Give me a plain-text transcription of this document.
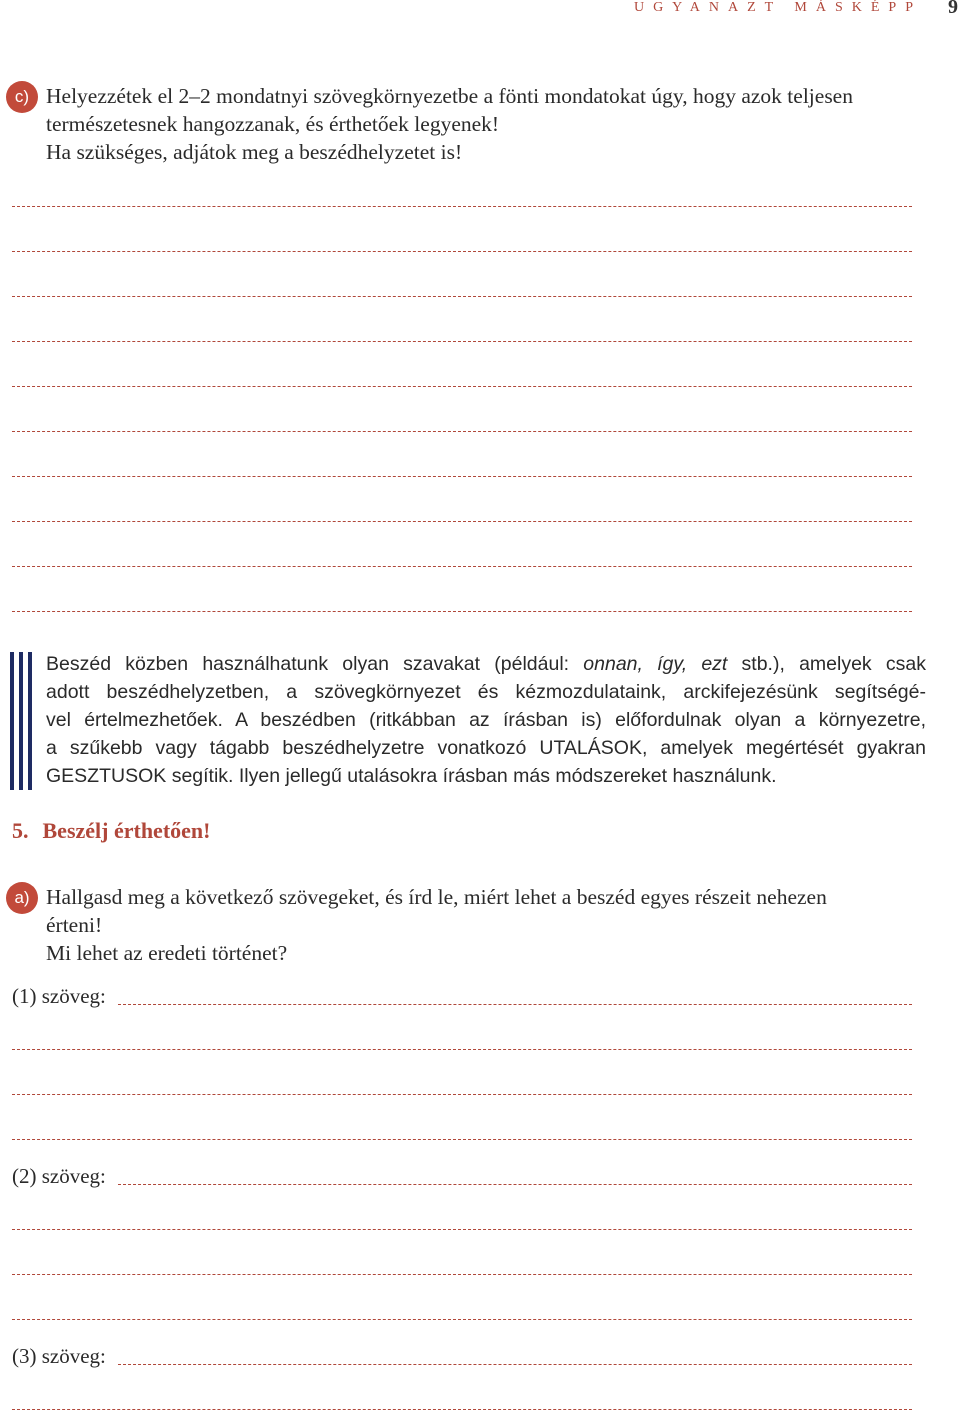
UGYANAZT MÁSKÉPP 9
c) Helyezzétek el 2–2 mondatnyi szövegkörnyezetbe a fönti mondatokat úgy, hogy azok teljesen
természetesnek hangozzanak, és érthetőek legyenek!
Ha szükséges, adjátok meg a beszédhelyzetet is!
Beszéd közben használhatunk olyan szavakat (például: onnan, így, ezt stb.), amelyek csak
adott beszédhelyzetben, a szövegkörnyezet és kézmozdulataink, arckifejezésünk segítségé-
vel értelmezhetőek. A beszédben (ritkábban az írásban is) előfordulnak olyan a környezetre,
a szűkebb vagy tágabb beszédhelyzetre vonatkozó UTALÁSOK, amelyek megértését gyakran
GESZTUSOK segítik. Ilyen jellegű utalásokra írásban más módszereket használunk.
5. Beszélj érthetően!
a) Hallgasd meg a következő szövegeket, és írd le, miért lehet a beszéd egyes részeit nehezen
érteni!
Mi lehet az eredeti történet?
(1) szöveg:
(2) szöveg:
(3) szöveg:
